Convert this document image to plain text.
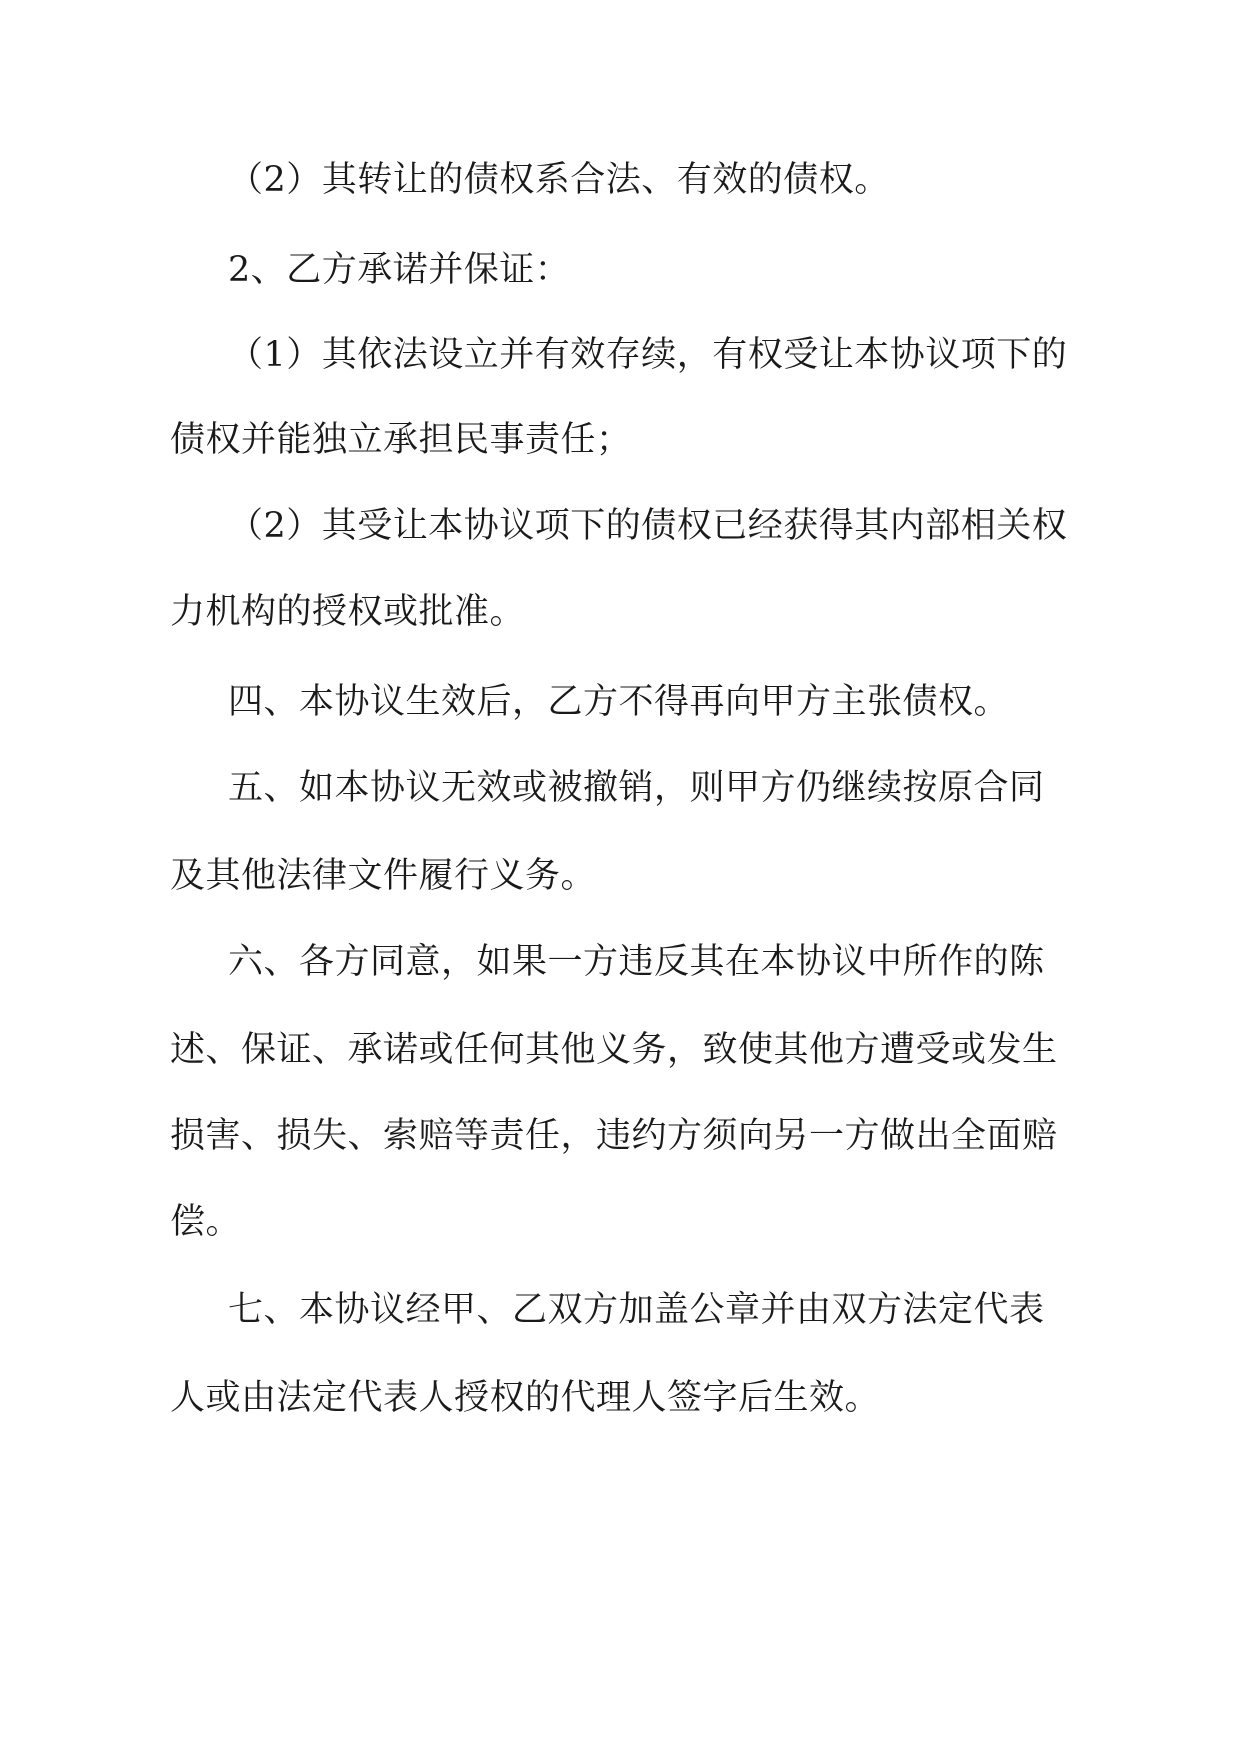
（2）其转让的债权系合法、有效的债权。
2、乙方承诺并保证：
（1）其依法设立并有效存续，有权受让本协议项下的
债权并能独立承担民事责任；
（2）其受让本协议项下的债权已经获得其内部相关权
力机构的授权或批准。
四、本协议生效后，乙方不得再向甲方主张债权。
五、如本协议无效或被撤销，则甲方仍继续按原合同
及其他法律文件履行义务。
六、各方同意，如果一方违反其在本协议中所作的陈
述、保证、承诺或任何其他义务，致使其他方遭受或发生
损害、损失、索赔等责任，违约方须向另一方做出全面赔
偿。
七、本协议经甲、乙双方加盖公章并由双方法定代表
人或由法定代表人授权的代理人签字后生效。
